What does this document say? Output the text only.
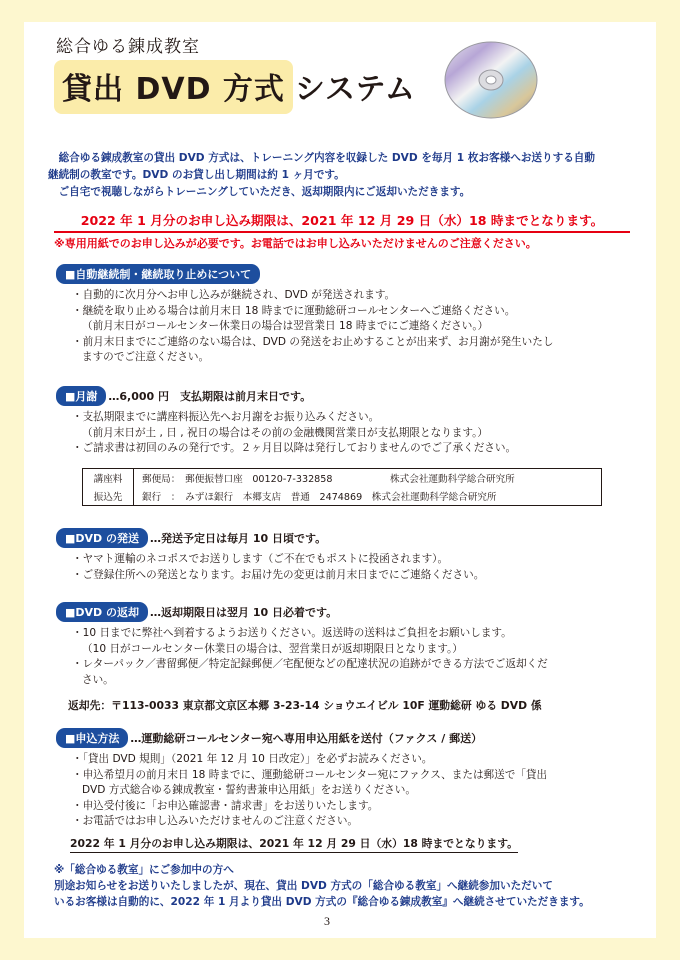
総合ゆる錬成教室
貸出 DVD 方式 システム

　総合ゆる錬成教室の貸出 DVD 方式は、トレーニング内容を収録した DVD を毎月 1 枚お客様へお送りする自動

継続制の教室です。DVD のお貸し出し期間は約 1 ヶ月です。

　ご自宅で視聴しながらトレーニングしていただき、返却期限内にご返却いただきます。

2022 年 1 月分のお申し込み期限は、2021 年 12 月 29 日（水）18 時までとなります。
※専用用紙でのお申し込みが必要です。お電話ではお申し込みいただけませんのご注意ください。
■自動継続制・継続取り止めについて
・自動的に次月分へお申し込みが継続され、DVD が発送されます。
・継続を取り止める場合は前月末日 18 時までに運動総研コールセンターへご連絡ください。
（前月末日がコールセンター休業日の場合は翌営業日 18 時までにご連絡ください。）
・前月末日までにご連絡のない場合は、DVD の発送をお止めすることが出来ず、お月謝が発生いたし
ますのでご注意ください。
■月謝	…6,000 円　支払期限は前月末日です。
・支払期限までに講座料振込先へお月謝をお振り込みください。
（前月末日が土 , 日 , 祝日の場合はその前の金融機関営業日が支払期限となります。）
・ご請求書は初回のみの発行です。２ヶ月目以降は発行しておりませんのでご了承ください。
講座料	郵便局：　郵便振替口座　00120-7-332858　　　　　　株式会社運動科学総合研究所
振込先	銀行　：　みずほ銀行　本郷支店　普通　2474869　株式会社運動科学総合研究所
■DVD の発送	…発送予定日は毎月 10 日頃です。
・ヤマト運輸のネコポスでお送りします（ご不在でもポストに投函されます）。
・ご登録住所への発送となります。お届け先の変更は前月末日までにご連絡ください。
■DVD の返却	…返却期限日は翌月 10 日必着です。
・10 日までに弊社へ到着するようお送りください。返送時の送料はご負担をお願いします。
（10 日がコールセンター休業日の場合は、翌営業日が返却期限日となります。）
・レターパック／書留郵便／特定記録郵便／宅配便などの配達状況の追跡ができる方法でご返却くだ
さい。
返却先：〒113-0033 東京都文京区本郷 3-23-14 ショウエイビル 10F 運動総研 ゆる DVD 係
■申込方法	…運動総研コールセンター宛へ専用申込用紙を送付（ファクス / 郵送）
・「貸出 DVD 規則」（2021 年 12 月 10 日改定）」を必ずお読みください。
・申込希望月の前月末日 18 時までに、運動総研コールセンター宛にファクス、または郵送で「貸出
DVD 方式総合ゆる錬成教室・誓約書兼申込用紙」をお送りください。
・申込受付後に「お申込確認書・請求書」をお送りいたします。
・お電話ではお申し込みいただけませんのご注意ください。
2022 年 1 月分のお申し込み期限は、2021 年 12 月 29 日（水）18 時までとなります。
※「総合ゆる教室」にご参加中の方へ
別途お知らせをお送りいたしましたが、現在、貸出 DVD 方式の「総合ゆる教室」へ継続参加いただいて
いるお客様は自動的に、2022 年 1 月より貸出 DVD 方式の『総合ゆる錬成教室』へ継続させていただきます。
3
